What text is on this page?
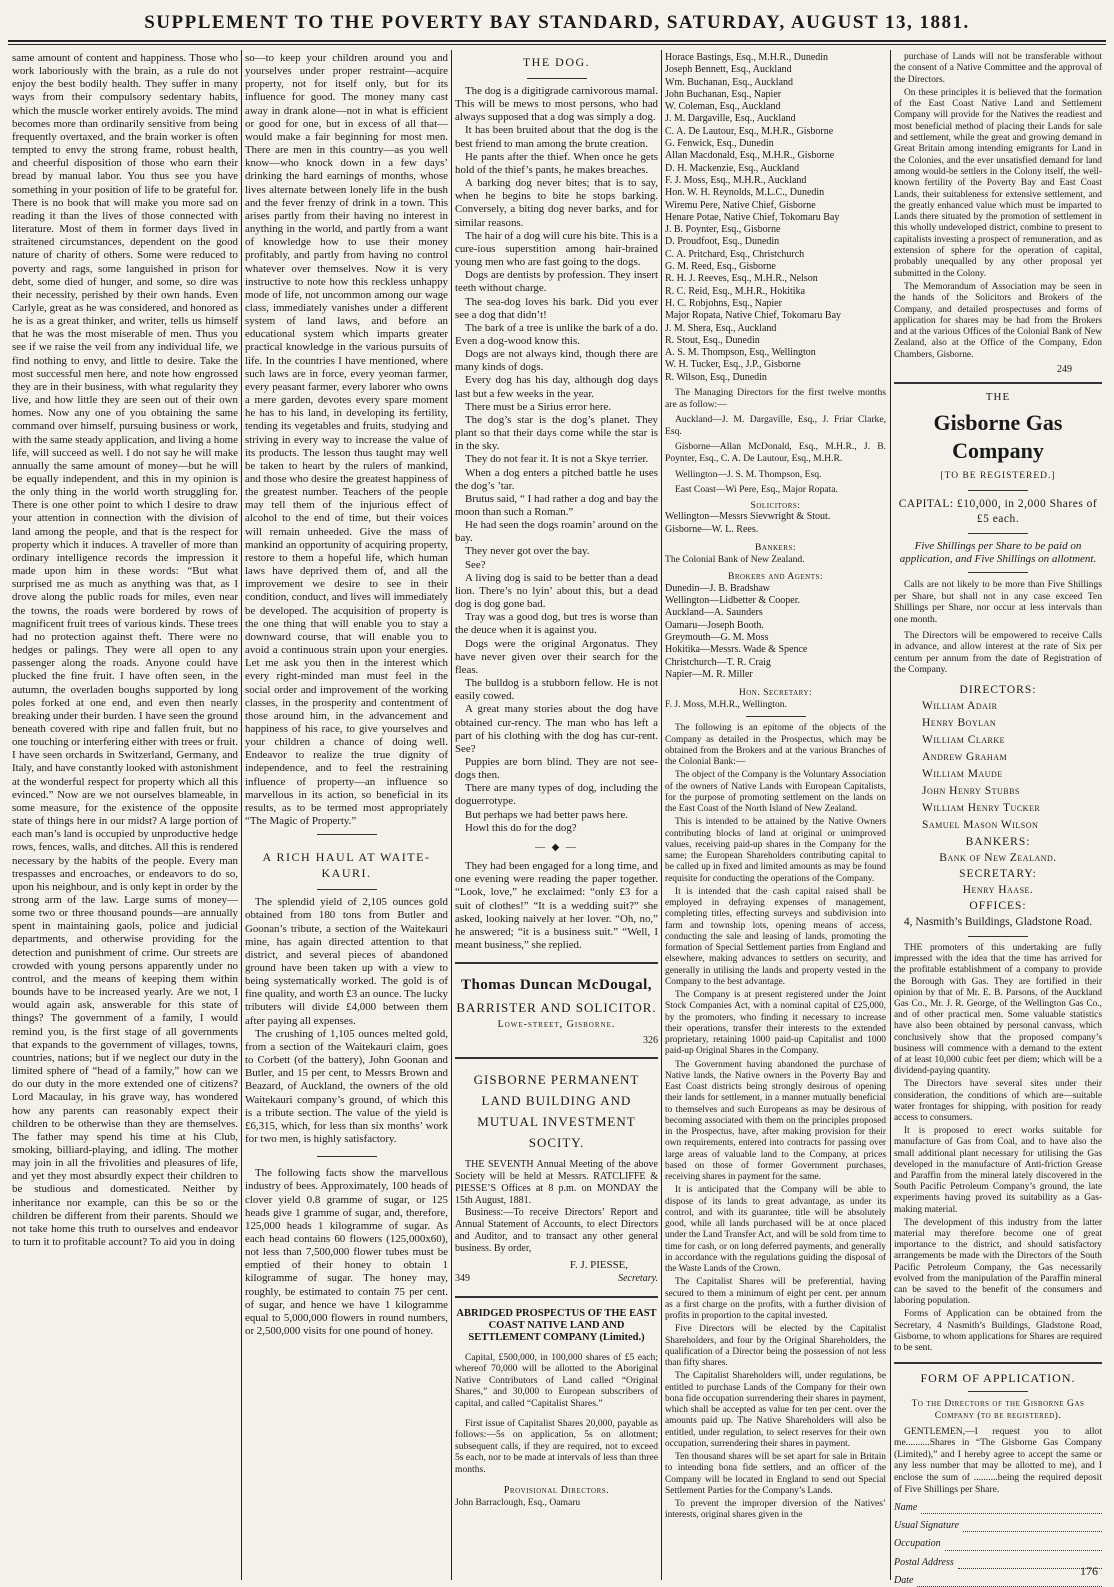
SUPPLEMENT TO THE POVERTY BAY STANDARD, SATURDAY, AUGUST 13, 1881.

same amount of content and happiness. Those who work laboriously with the brain, as a rule do not enjoy the best bodily health. They suffer in many ways from their compulsory sedentary habits, which the muscle worker entirely avoids. The mind becomes more than ordinarily sensitive from being frequently overtaxed, and the brain worker is often tempted to envy the strong frame, robust health, and cheerful disposition of those who earn their bread by manual labor. You thus see you have something in your position of life to be grateful for. There is no book that will make you more sad on reading it than the lives of those connected with literature. Most of them in former days lived in straitened circumstances, dependent on the good nature of charity of others. Some were reduced to poverty and rags, some languished in prison for debt, some died of hunger, and some, so dire was their necessity, perished by their own hands. Even Carlyle, great as he was considered, and honored as he is as a great thinker, and writer, tells us himself that he was the most miserable of men. Thus you see if we raise the veil from any individual life, we find nothing to envy, and little to desire. Take the most successful men here, and note how engrossed they are in their business, with what regularity they live, and how little they are seen out of their own homes. Now any one of you obtaining the same command over himself, pursuing business or work, with the same steady application, and living a home life, will succeed as well. I do not say he will make annually the same amount of money—but he will be equally independent, and this in my opinion is the only thing in the world worth struggling for. There is one other point to which I desire to draw your attention in connection with the division of land among the people, and that is the respect for property which it induces. A traveller of more than ordinary intelligence records the impression it made upon him in these words: “But what surprised me as much as anything was that, as I drove along the public roads for miles, even near the towns, the roads were bordered by rows of magnificent fruit trees of various kinds. These trees had no protection against theft. There were no hedges or palings. They were all open to any passenger along the roads. Anyone could have plucked the fine fruit. I have often seen, in the autumn, the overladen boughs supported by long poles forked at one end, and even then nearly breaking under their burden. I have seen the ground beneath covered with ripe and fallen fruit, but no one touching or interfering either with trees or fruit. I have seen orchards in Switzerland, Germany, and Italy, and have constantly looked with astonishment at the wonderful respect for property which all this evinced.” Now are we not ourselves blameable, in some measure, for the existence of the opposite state of things here in our midst? A large portion of each man’s land is occupied by unproductive hedge rows, fences, walls, and ditches. All this is rendered necessary by the habits of the people. Every man trespasses and encroaches, or endeavors to do so, upon his neighbour, and is only kept in order by the strong arm of the law. Large sums of money—some two or three thousand pounds—are annually spent in maintaining gaols, police and judicial departments, and otherwise providing for the detection and punishment of crime. Our streets are crowded with young persons apparently under no control, and the means of keeping them within bounds have to be increased yearly. Are we not, I would again ask, answerable for this state of things? The government of a family, I would remind you, is the first stage of all governments that expands to the government of villages, towns, countries, nations; but if we neglect our duty in the limited sphere of “head of a family,” how can we do our duty in the more extended one of citizens? Lord Macaulay, in his grave way, has wondered how any parents can reasonably expect their children to be otherwise than they are themselves. The father may spend his time at his Club, smoking, billiard-playing, and idling. The mother may join in all the frivolities and pleasures of life, and yet they most absurdly expect their children to be studious and domesticated. Neither by inheritance nor example, can this be so or the children be different from their parents. Should we not take home this truth to ourselves and endeavor to turn it to profitable account? To aid you in doing

so—to keep your children around you and yourselves under proper restraint—acquire property, not for itself only, but for its influence for good. The money many cast away in drank alone—not in what is efficient or good for one, but in excess of all that—would make a fair beginning for most men. There are men in this country—as you well know—who knock down in a few days’ drinking the hard earnings of months, whose lives alternate between lonely life in the bush and the fever frenzy of drink in a town. This arises partly from their having no interest in anything in the world, and partly from a want of knowledge how to use their money profitably, and partly from having no control whatever over themselves. Now it is very instructive to note how this reckless unhappy mode of life, not uncommon among our wage class, immediately vanishes under a different system of land laws, and before an educational system which imparts greater practical knowledge in the various pursuits of life. In the countries I have mentioned, where such laws are in force, every yeoman farmer, every peasant farmer, every laborer who owns a mere garden, devotes every spare moment he has to his land, in developing its fertility, tending its vegetables and fruits, studying and striving in every way to increase the value of its products. The lesson thus taught may well be taken to heart by the rulers of mankind, and those who desire the greatest happiness of the greatest number. Teachers of the people may tell them of the injurious effect of alcohol to the end of time, but their voices will remain unheeded. Give the mass of mankind an opportunity of acquiring property, restore to them a hopeful life, which human laws have deprived them of, and all the improvement we desire to see in their condition, conduct, and lives will immediately be developed. The acquisition of property is the one thing that will enable you to stay a downward course, that will enable you to avoid a continuous strain upon your energies. Let me ask you then in the interest which every right-minded man must feel in the social order and improvement of the working classes, in the prosperity and contentment of those around him, in the advancement and happiness of his race, to give yourselves and your children a chance of doing well. Endeavor to realize the true dignity of independence, and to feel the restraining influence of property—an influence so marvellous in its action, so beneficial in its results, as to be termed most appropriately “The Magic of Property.”

A RICH HAUL AT WAITE-KAURI.

The splendid yield of 2,105 ounces gold obtained from 180 tons from Butler and Goonan’s tribute, a section of the Waitekauri mine, has again directed attention to that district, and several pieces of abandoned ground have been taken up with a view to being systematically worked. The gold is of fine quality, and worth £3 an ounce. The lucky tributers will divide £4,000 between them after paying all expenses.

The crushing of 1,105 ounces melted gold, from a section of the Waitekauri claim, goes to Corbett (of the battery), John Goonan and Butler, and 15 per cent, to Messrs Brown and Beazard, of Auckland, the owners of the old Waitekauri company’s ground, of which this is a tribute section. The value of the yield is £6,315, which, for less than six months’ work for two men, is highly satisfactory.

The following facts show the marvellous industry of bees. Approximately, 100 heads of clover yield 0.8 gramme of sugar, or 125 heads give 1 gramme of sugar, and, therefore, 125,000 heads 1 kilogramme of sugar. As each head contains 60 flowers (125,000x60), not less than 7,500,000 flower tubes must be emptied of their honey to obtain 1 kilogramme of sugar. The honey may, roughly, be estimated to contain 75 per cent. of sugar, and hence we have 1 kilogramme equal to 5,000,000 flowers in round numbers, or 2,500,000 visits for one pound of honey.

THE DOG.

The dog is a digitigrade carnivorous mamal. This will be mews to most persons, who had always supposed that a dog was simply a dog.

It has been bruited about that the dog is the best friend to man among the brute creation.

He pants after the thief. When once he gets hold of the thief’s pants, he makes breaches.

A barking dog never bites; that is to say, when he begins to bite he stops barking. Conversely, a biting dog never barks, and for similar reasons.

The hair of a dog will cure his bite. This is a cure-ious superstition among hair-brained young men who are fast going to the dogs.

Dogs are dentists by profession. They insert teeth without charge.

The sea-dog loves his bark. Did you ever see a dog that didn’t!

The bark of a tree is unlike the bark of a do. Even a dog-wood know this.

Dogs are not always kind, though there are many kinds of dogs.

Every dog has his day, although dog days last but a few weeks in the year.

There must be a Sirius error here.

The dog’s star is the dog’s planet. They plant so that their days come while the star is in the sky.

They do not fear it. It is not a Skye terrier.

When a dog enters a pitched battle he uses the dog’s ’tar.

Brutus said, “ I had rather a dog and bay the moon than such a Roman.”

He had seen the dogs roamin’ around on the bay.

They never got over the bay.

See?

A living dog is said to be better than a dead lion. There’s no lyin’ about this, but a dead dog is dog gone bad.

Tray was a good dog, but tres is worse than the deuce when it is against you.

Dogs were the original Argonatus. They have never given over their search for the fleas.

The bulldog is a stubborn fellow. He is not easily cowed.

A great many stories about the dog have obtained cur-rency. The man who has left a part of his clothing with the dog has cur-rent. See?

Puppies are born blind. They are not see-dogs then.

There are many types of dog, including the doguerrotype.

But perhaps we had better paws here.

Howl this do for the dog?

— ◆ —

They had been engaged for a long time, and one evening were reading the paper together. “Look, love,” he exclaimed: “only £3 for a suit of clothes!” “It is a wedding suit?” she asked, looking naively at her lover. “Oh, no,” he answered; “it is a business suit.” “Well, I meant business,” she replied.

Thomas Duncan McDougal,
BARRISTER AND SOLICITOR.
Lowe-street, Gisborne.
326
GISBORNE PERMANENT LAND BUILDING AND MUTUAL INVESTMENT SOCITY.

THE SEVENTH Annual Meeting of the above Society will be held at Messrs. RATCLIFFE & PIESSE’S Offices at 8 p.m. on MONDAY the 15th August, 1881.

Business:—To receive Directors’ Report and Annual Statement of Accounts, to elect Directors and Auditor, and to transact any other general business. By order,

F. J. PIESSE,

349	Secretary.

ABRIDGED PROSPECTUS OF THE EAST COAST NATIVE LAND AND SETTLEMENT COMPANY (Limited.)

Capital, £500,000, in 100,000 shares of £5 each; whereof 70,000 will be allotted to the Aboriginal Native Contributors of Land called “Original Shares,” and 30,000 to European subscribers of capital, and called “Capitalist Shares.”

First issue of Capitalist Shares 20,000, payable as follows:—5s on application, 5s on allotment; subsequent calls, if they are required, not to exceed 5s each, nor to be made at intervals of less than three months.

Provisional Directors.

John Barraclough, Esq., Oamaru

Horace Bastings, Esq., M.H.R., Dunedin

Joseph Bennett, Esq., Auckland

Wm. Buchanan, Esq., Auckland

John Buchanan, Esq., Napier

W. Coleman, Esq., Auckland

J. M. Dargaville, Esq., Auckland

C. A. De Lautour, Esq., M.H.R., Gisborne

G. Fenwick, Esq., Dunedin

Allan Macdonald, Esq., M.H.R., Gisborne

D. H. Mackenzie, Esq., Auckland

F. J. Moss, Esq., M.H.R., Auckland

Hon. W. H. Reynolds, M.L.C., Dunedin

Wiremu Pere, Native Chief, Gisborne

Henare Potae, Native Chief, Tokomaru Bay

J. B. Poynter, Esq., Gisborne

D. Proudfoot, Esq., Dunedin

C. A. Pritchard, Esq., Christchurch

G. M. Reed, Esq., Gisborne

R. H. J. Reeves, Esq., M.H.R., Nelson

R. C. Reid, Esq., M.H.R., Hokitika

H. C. Robjohns, Esq., Napier

Major Ropata, Native Chief, Tokomaru Bay

J. M. Shera, Esq., Auckland

R. Stout, Esq., Dunedin

A. S. M. Thompson, Esq., Wellington

W. H. Tucker, Esq., J.P., Gisborne

R. Wilson, Esq., Dunedin

The Managing Directors for the first twelve months are as follow:—

Auckland—J. M. Dargaville, Esq., J. Friar Clarke, Esq.

Gisborne—Allan McDonald, Esq., M.H.R., J. B. Poynter, Esq., C. A. De Lautour, Esq., M.H.R.

Wellington—J. S. M. Thompson, Esq.

East Coast—Wi Pere, Esq., Major Ropata.

Solicitors:

Wellington—Messrs Sievwright & Stout.

Gisborne—W. L. Rees.

Bankers:

The Colonial Bank of New Zealand.

Brokers and Agents:

Dunedin—J. B. Bradshaw

Wellington—Lidbetter & Cooper.

Auckland—A. Saunders

Oamaru—Joseph Booth.

Greymouth—G. M. Moss

Hokitika—Messrs. Wade & Spence

Christchurch—T. R. Craig

Napier—M. R. Miller

Hon. Secretary:

F. J. Moss, M.H.R., Wellington.

The following is an epitome of the objects of the Company as detailed in the Prospectus, which may be obtained from the Brokers and at the various Branches of the Colonial Bank:—

The object of the Company is the Voluntary Association of the owners of Native Lands with European Capitalists, for the purpose of promoting settlement on the lands on the East Coast of the North Island of New Zealand.

This is intended to be attained by the Native Owners contributing blocks of land at original or unimproved values, receiving paid-up shares in the Company for the same; the European Shareholders contributing capital to be called up in fixed and limited amounts as may be found requisite for conducting the operations of the Company.

It is intended that the cash capital raised shall be employed in defraying expenses of management, completing titles, effecting surveys and subdivision into farm and township lots, opening means of access, conducting the sale and leasing of lands, promoting the formation of Special Settlement parties from England and elsewhere, making advances to settlers on security, and generally in utilising the lands and property vested in the Company to the best advantage.

The Company is at present registered under the Joint Stock Companies Act, with a nominal capital of £25,000, by the promoters, who finding it necessary to increase their operations, transfer their interests to the extended proprietary, retaining 1000 paid-up Capitalist and 1000 paid-up Original Shares in the Company.

The Government having abandoned the purchase of Native lands, the Native owners in the Poverty Bay and East Coast districts being strongly desirous of opening their lands for settlement, in a manner mutually beneficial to themselves and such Europeans as may be desirous of becoming associated with them on the principles proposed in the Prospectus, have, after making provision for their own requirements, entered into contracts for passing over large areas of valuable land to the Company, at prices based on those of former Government purchases, receiving shares in payment for the same.

It is anticipated that the Company will be able to dispose of its lands to great advantage, as under its control, and with its guarantee, title will be absolutely good, while all lands purchased will be at once placed under the Land Transfer Act, and will be sold from time to time for cash, or on long deferred payments, and generally in accordance with the regulations guiding the disposal of the Waste Lands of the Crown.

The Capitalist Shares will be preferential, having secured to them a minimum of eight per cent. per annum as a first charge on the profits, with a further division of profits in proportion to the capital invested.

Five Directors will be elected by the Capitalist Shareholders, and four by the Original Shareholders, the qualification of a Director being the possession of not less than fifty shares.

The Capitalist Shareholders will, under regulations, be entitled to purchase Lands of the Company for their own bona fide occupation surrendering their shares in payment, which shall be accepted as value for ten per cent. over the amounts paid up. The Native Shareholders will also be entitled, under regulation, to select reserves for their own occupation, surrendering their shares in payment.

Ten thousand shares will be set apart for sale in Britain to intending bona fide settlers, and an officer of the Company will be located in England to send out Special Settlement Parties for the Company’s Lands.

To prevent the improper diversion of the Natives’ interests, original shares given in the

purchase of Lands will not be transferable without the consent of a Native Committee and the approval of the Directors.

On these principles it is believed that the formation of the East Coast Native Land and Settlement Company will provide for the Natives the readiest and most beneficial method of placing their Lands for sale and settlement, while the great and growing demand in Great Britain among intending emigrants for Land in the Colonies, and the ever unsatisfied demand for land among would-be settlers in the Colony itself, the well-known fertility of the Poverty Bay and East Coast Lands, their suitableness for extensive settlement, and the greatly enhanced value which must be imparted to Lands there situated by the promotion of settlement in this wholly undeveloped district, combine to present to capitalists investing a prospect of remuneration, and as extension of sphere for the operation of capital, probably unequalled by any other proposal yet submitted in the Colony.

The Memorandum of Association may be seen in the hands of the Solicitors and Brokers of the Company, and detailed prospectuses and forms of application for shares may be had from the Brokers and at the various Offices of the Colonial Bank of New Zealand, also at the Office of the Company, Edon Chambers, Gisborne.

249
THE
Gisborne Gas Company
[TO BE REGISTERED.]
CAPITAL: £10,000, in 2,000 Shares of £5 each.

Five Shillings per Share to be paid on application, and Five Shillings on allotment.

Calls are not likely to be more than Five Shillings per Share, but shall not in any case exceed Ten Shillings per Share, nor occur at less intervals than one month.

The Directors will be empowered to receive Calls in advance, and allow interest at the rate of Six per centum per annum from the date of Registration of the Company.

DIRECTORS:

William Adair

Henry Boylan

William Clarke

Andrew Graham

William Maude

John Henry Stubbs

William Henry Tucker

Samuel Mason Wilson

BANKERS:

Bank of New Zealand.

SECRETARY:

Henry Haase.

OFFICES:

4, Nasmith’s Buildings, Gladstone Road.

THE promoters of this undertaking are fully impressed with the idea that the time has arrived for the profitable establishment of a company to provide the Borough with Gas. They are fortified in their opinion by that of Mr. E. B. Parsons, of the Auckland Gas Co., Mr. J. R. George, of the Wellington Gas Co., and of other practical men. Some valuable statistics have also been obtained by personal canvass, which conclusively show that the proposed company’s business will commence with a demand to the extent of at least 10,000 cubic feet per diem; which will be a dividend-paying quantity.

The Directors have several sites under their consideration, the conditions of which are—suitable water frontages for shipping, with position for ready access to consumers.

It is proposed to erect works suitable for manufacture of Gas from Coal, and to have also the small additional plant necessary for utilising the Gas developed in the manufacture of Anti-friction Grease and Paraffin from the mineral lately discovered in the South Pacific Petroleum Company’s ground, the late experiments having proved its suitability as a Gas-making material.

The development of this industry from the latter material may therefore become one of great importance to the district, and should satisfactory arrangements be made with the Directors of the South Pacific Petroleum Company, the Gas necessarily evolved from the manipulation of the Paraffin mineral can be saved to the benefit of the consumers and laboring population.

Forms of Application can be obtained from the Secretary, 4 Nasmith’s Buildings, Gladstone Road, Gisborne, to whom applications for Shares are required to be sent.

FORM OF APPLICATION.

To the Directors of the Gisborne Gas Company (to be registered).

GENTLEMEN,—I request you to allot me..........Shares in “The Gisborne Gas Company (Limited),” and I hereby agree to accept the same or any less number that may be allotted to me), and I enclose the sum of ..........being the required deposit of Five Shillings per Share.

Name
Usual Signature
Occupation
Postal Address
Date
176
